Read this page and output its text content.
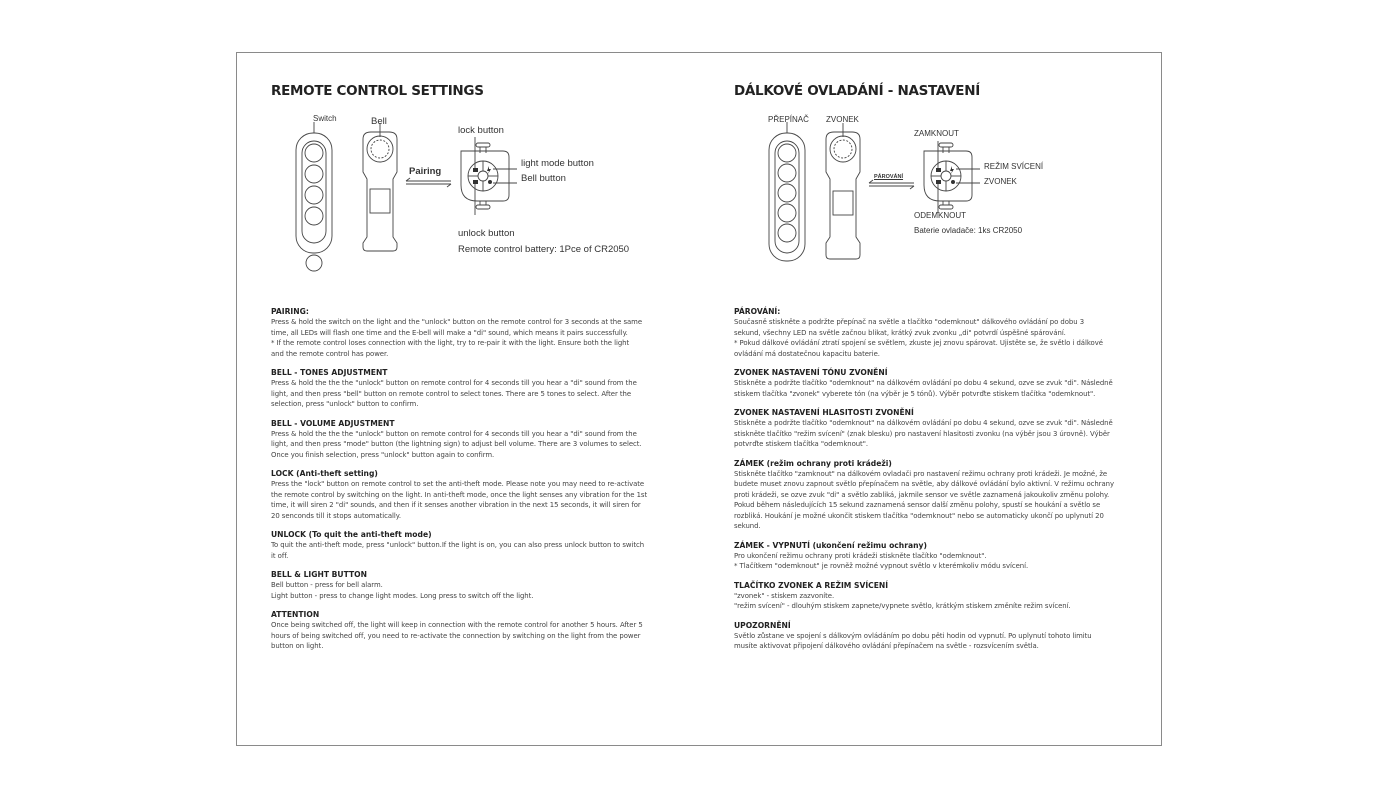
REMOTE CONTROL SETTINGS
Switch	Bell
Pairing
lock button
light mode button
Bell button
unlock button
Remote control battery: 1Pce of CR2050
PAIRING:

Press & hold the switch on the light and the "unlock" button on the remote control for 3 seconds at the same
time, all LEDs will flash one time and the E-bell will make a "di" sound, which means it pairs successfully.
* If the remote control loses connection with the light, try to re-pair it with the light. Ensure both the light
and the remote control has power.

BELL - TONES ADJUSTMENT

Press & hold the the the "unlock" button on remote control for 4 seconds till you hear a "di" sound from the
light, and then press "bell" button on remote control to select tones. There are 5 tones to select. After the
selection, press "unlock" button to confirm.

BELL - VOLUME ADJUSTMENT

Press & hold the the the "unlock" button on remote control for 4 seconds till you hear a "di" sound from the
light, and then press "mode" button (the lightning sign) to adjust bell volume. There are 3 volumes to select.
Once you finish selection, press "unlock" button again to confirm.

LOCK (Anti-theft setting)

Press the "lock" button on remote control to set the anti-theft mode. Please note you may need to re-activate
the remote control by switching on the light. In anti-theft mode, once the light senses any vibration for the 1st
time, it will siren 2 "di" sounds, and then if it senses another vibration in the next 15 seconds, it will siren for
20 senconds till it stops automatically.

UNLOCK (To quit the anti-theft mode)

To quit the anti-theft mode, press "unlock" button.If the light is on, you can also press unlock button to switch
it off.

BELL & LIGHT BUTTON

Bell button - press for bell alarm.
Light button - press to change light modes. Long press to switch off the light.

ATTENTION

Once being switched off, the light will keep in connection with the remote control for another 5 hours. After 5
hours of being switched off, you need to re-activate the connection by switching on the light from the power
button on light.

DÁLKOVÉ OVLADÁNÍ - NASTAVENÍ
PŘEPÍNAČ ZVONEK
PÁROVÁNÍ
ZAMKNOUT
REŽIM SVÍCENÍ
ZVONEK
ODEMKNOUT
Baterie ovladače: 1ks CR2050
PÁROVÁNÍ:

Současně stiskněte a podržte přepínač na světle a tlačítko "odemknout" dálkového ovládání po dobu 3
sekund, všechny LED na světle začnou blikat, krátký zvuk zvonku „di" potvrdí úspěšné spárování.
* Pokud dálkové ovládání ztratí spojení se světlem, zkuste jej znovu spárovat. Ujistěte se, že světlo i dálkové
ovládání má dostatečnou kapacitu baterie.

ZVONEK NASTAVENÍ TÓNU ZVONĚNÍ

Stiskněte a podržte tlačítko "odemknout" na dálkovém ovládání po dobu 4 sekund, ozve se zvuk "di". Následně
stiskem tlačítka "zvonek" vyberete tón (na výběr je 5 tónů). Výběr potvrďte stiskem tlačítka "odemknout".

ZVONEK NASTAVENÍ HLASITOSTI ZVONĚNÍ

Stiskněte a podržte tlačítko "odemknout" na dálkovém ovládání po dobu 4 sekund, ozve se zvuk "di". Následně
stiskněte tlačítko "režim svícení" (znak blesku) pro nastavení hlasitosti zvonku (na výběr jsou 3 úrovně). Výběr
potvrďte stiskem tlačítka "odemknout".

ZÁMEK (režim ochrany proti krádeži)

Stiskněte tlačítko "zamknout" na dálkovém ovladači pro nastavení režimu ochrany proti krádeži. Je možné, že
budete muset znovu zapnout světlo přepínačem na světle, aby dálkové ovládání bylo aktivní. V režimu ochrany
proti krádeži, se ozve zvuk "di" a světlo zabliká, jakmile sensor ve světle zaznamená jakoukoliv změnu polohy.
Pokud během následujících 15 sekund zaznamená sensor další změnu polohy, spustí se houkání a světlo se
rozbliká. Houkání je možné ukončit stiskem tlačítka "odemknout" nebo se automaticky ukončí po uplynutí 20
sekund.

ZÁMEK - VYPNUTÍ (ukončení režimu ochrany)

Pro ukončení režimu ochrany proti krádeži stiskněte tlačítko "odemknout".
* Tlačítkem "odemknout" je rovněž možné vypnout světlo v kterémkoliv módu svícení.

TLAČÍTKO ZVONEK A REŽIM SVÍCENÍ

"zvonek" - stiskem zazvoníte.
"režim svícení" - dlouhým stiskem zapnete/vypnete světlo, krátkým stiskem změníte režim svícení.

UPOZORNĚNÍ

Světlo zůstane ve spojení s dálkovým ovládáním po dobu pěti hodin od vypnutí. Po uplynutí tohoto limitu
musíte aktivovat připojení dálkového ovládání přepínačem na světle - rozsvícením světla.
